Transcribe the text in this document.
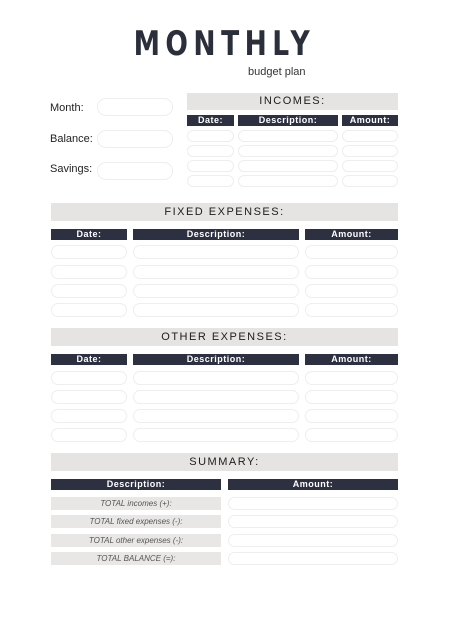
MONTHLY
budget plan
Month:
Balance:
Savings:
INCOMES:
Date:	Description:	Amount:
FIXED EXPENSES:
Date:	Description:	Amount:
OTHER EXPENSES:
Date:	Description:	Amount:
SUMMARY:
Description:	Amount:
TOTAL incomes (+):
TOTAL fixed expenses (-):
TOTAL other expenses (-):
TOTAL BALANCE (=):
